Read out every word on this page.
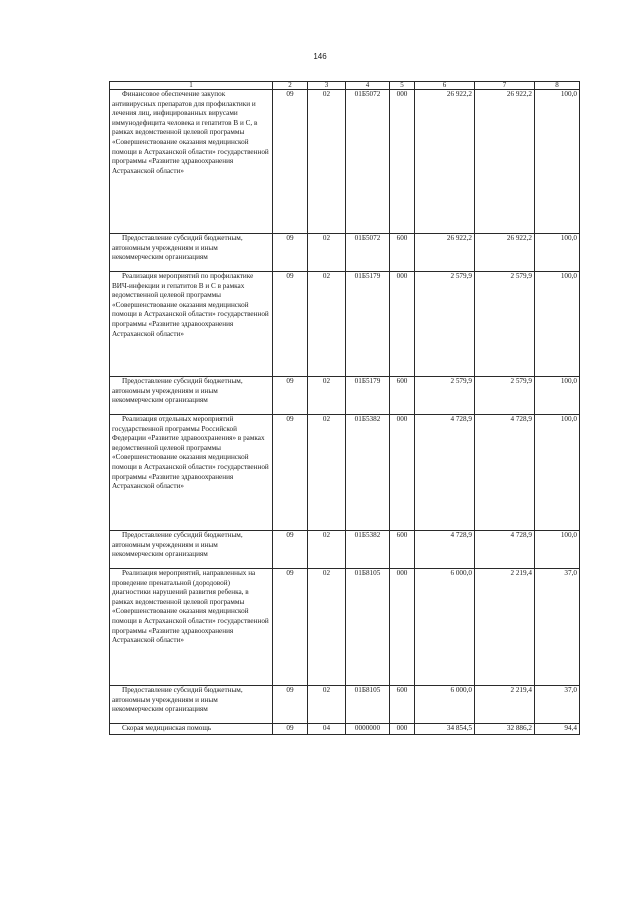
146
1	2	3	4	5	6	7	8
Финансовое обеспечение закупок антивирусных препаратов для профилактики и лечения лиц, инфицированных вирусами иммунодефицита человека и гепатитов В и С, в рамках ведомственной целевой программы «Совершенствование оказания медицинской помощи в Астраханской области» государственной программы «Развитие здравоохранения Астраханской области»	09	02	01Б5072	000	26 922,2	26 922,2	100,0
Предоставление субсидий бюджетным, автономным учреждениям и иным некоммерческим организациям	09	02	01Б5072	600	26 922,2	26 922,2	100,0
Реализация мероприятий по профилактике ВИЧ-инфекции и гепатитов В и С в рамках ведомственной целевой программы «Совершенствование оказания медицинской помощи в Астраханской области» государственной программы «Развитие здравоохранения Астраханской области»	09	02	01Б5179	000	2 579,9	2 579,9	100,0
Предоставление субсидий бюджетным, автономным учреждениям и иным некоммерческим организациям	09	02	01Б5179	600	2 579,9	2 579,9	100,0
Реализация отдельных мероприятий государственной программы Российской Федерации «Развитие здравоохранения» в рамках ведомственной целевой программы «Совершенствование оказания медицинской помощи в Астраханской области» государственной программы «Развитие здравоохранения Астраханской области»	09	02	01Б5382	000	4 728,9	4 728,9	100,0
Предоставление субсидий бюджетным, автономным учреждениям и иным некоммерческим организациям	09	02	01Б5382	600	4 728,9	4 728,9	100,0
Реализация мероприятий, направленных на проведение пренатальной (дородовой) диагностики нарушений развития ребенка, в рамках ведомственной целевой программы «Совершенствование оказания медицинской помощи в Астраханской области» государственной программы «Развитие здравоохранения Астраханской области»	09	02	01Б8105	000	6 000,0	2 219,4	37,0
Предоставление субсидий бюджетным, автономным учреждениям и иным некоммерческим организациям	09	02	01Б8105	600	6 000,0	2 219,4	37,0
Скорая медицинская помощь	09	04	0000000	000	34 854,5	32 886,2	94,4
